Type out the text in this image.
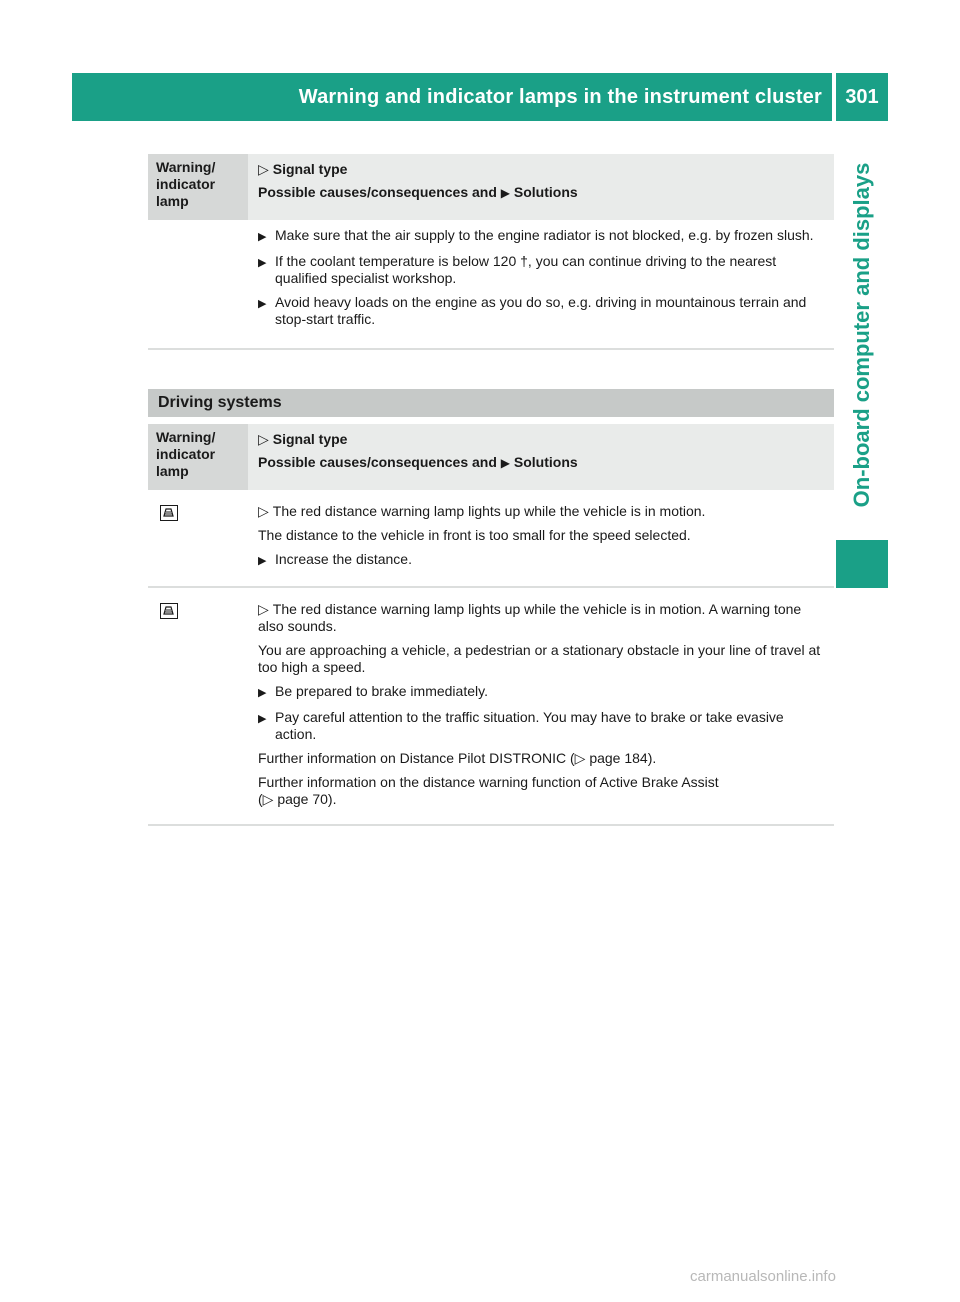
Warning and indicator lamps in the instrument cluster	301
On-board computer and displays
Warning/ indicator lamp
▷ Signal type
Possible causes/consequences and ▶ Solutions
▶ Make sure that the air supply to the engine radiator is not blocked, e.g. by frozen slush.
▶ If the coolant temperature is below 120 †, you can continue driving to the nearest qualified specialist workshop.
▶ Avoid heavy loads on the engine as you do so, e.g. driving in mountainous terrain and stop-start traffic.
Driving systems
Warning/ indicator lamp
▷ Signal type
Possible causes/consequences and ▶ Solutions

▷ The red distance warning lamp lights up while the vehicle is in motion.

The distance to the vehicle in front is too small for the speed selected.

▶ Increase the distance.

▷ The red distance warning lamp lights up while the vehicle is in motion. A warning tone also sounds.

You are approaching a vehicle, a pedestrian or a stationary obstacle in your line of travel at too high a speed.

▶ Be prepared to brake immediately.
▶ Pay careful attention to the traffic situation. You may have to brake or take evasive action.

Further information on Distance Pilot DISTRONIC (▷ page 184).

Further information on the distance warning function of Active Brake Assist
(▷ page 70).

carmanualsonline.info
